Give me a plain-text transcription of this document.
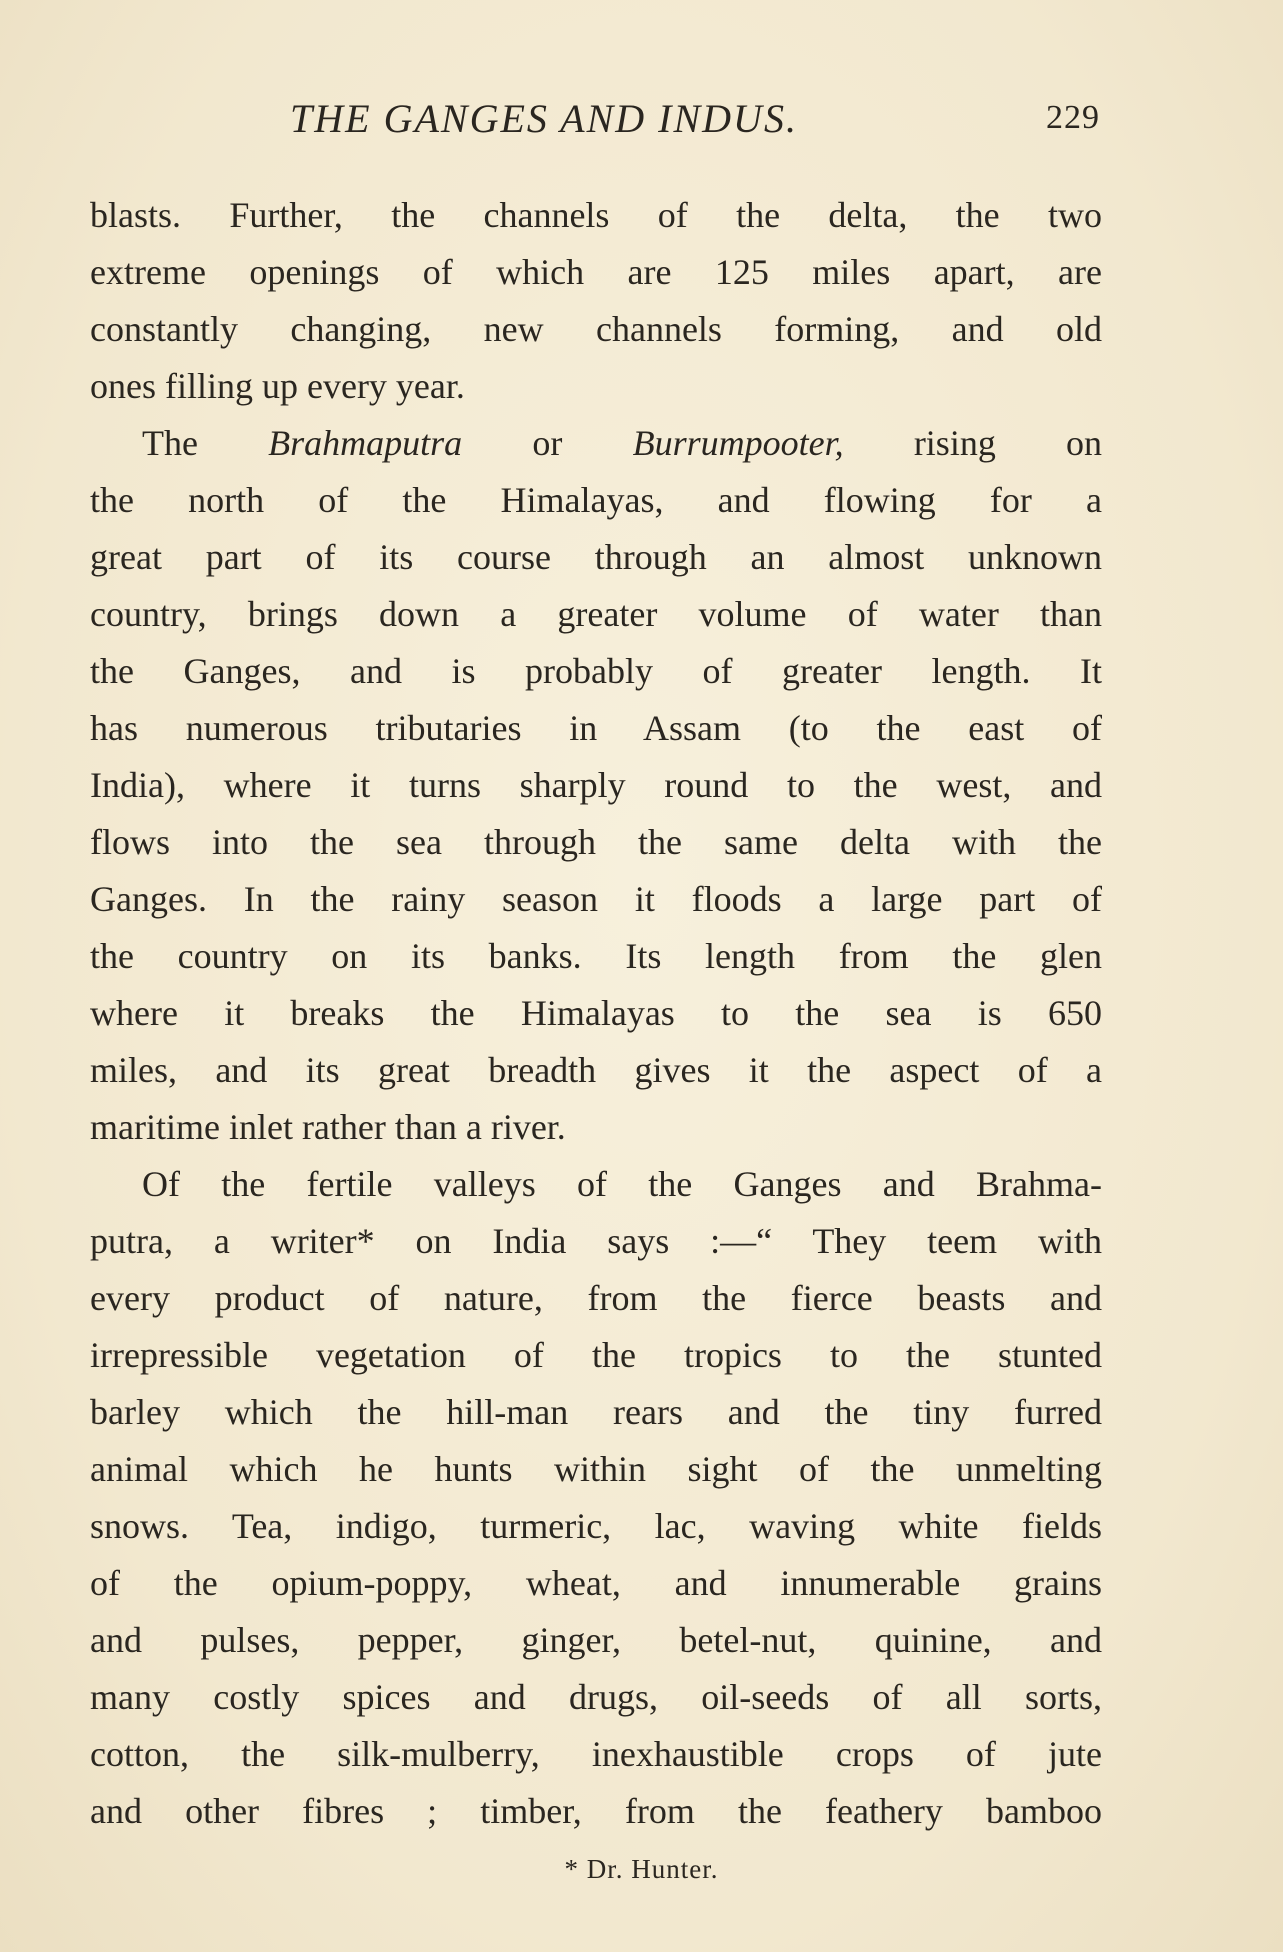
THE GANGES AND INDUS.	229
blasts. Further, the channels of the delta, the two
extreme openings of which are 125 miles apart, are
constantly changing, new channels forming, and old
ones filling up every year.
The Brahmaputra or Burrumpooter, rising on
the north of the Himalayas, and flowing for a
great part of its course through an almost unknown
country, brings down a greater volume of water than
the Ganges, and is probably of greater length. It
has numerous tributaries in Assam (to the east of
India), where it turns sharply round to the west, and
flows into the sea through the same delta with the
Ganges. In the rainy season it floods a large part of
the country on its banks. Its length from the glen
where it breaks the Himalayas to the sea is 650
miles, and its great breadth gives it the aspect of a
maritime inlet rather than a river.
Of the fertile valleys of the Ganges and Brahma-
putra, a writer* on India says :—“ They teem with
every product of nature, from the fierce beasts and
irrepressible vegetation of the tropics to the stunted
barley which the hill-man rears and the tiny furred
animal which he hunts within sight of the unmelting
snows. Tea, indigo, turmeric, lac, waving white fields
of the opium-poppy, wheat, and innumerable grains
and pulses, pepper, ginger, betel-nut, quinine, and
many costly spices and drugs, oil-seeds of all sorts,
cotton, the silk-mulberry, inexhaustible crops of jute
and other fibres ; timber, from the feathery bamboo
* Dr. Hunter.
